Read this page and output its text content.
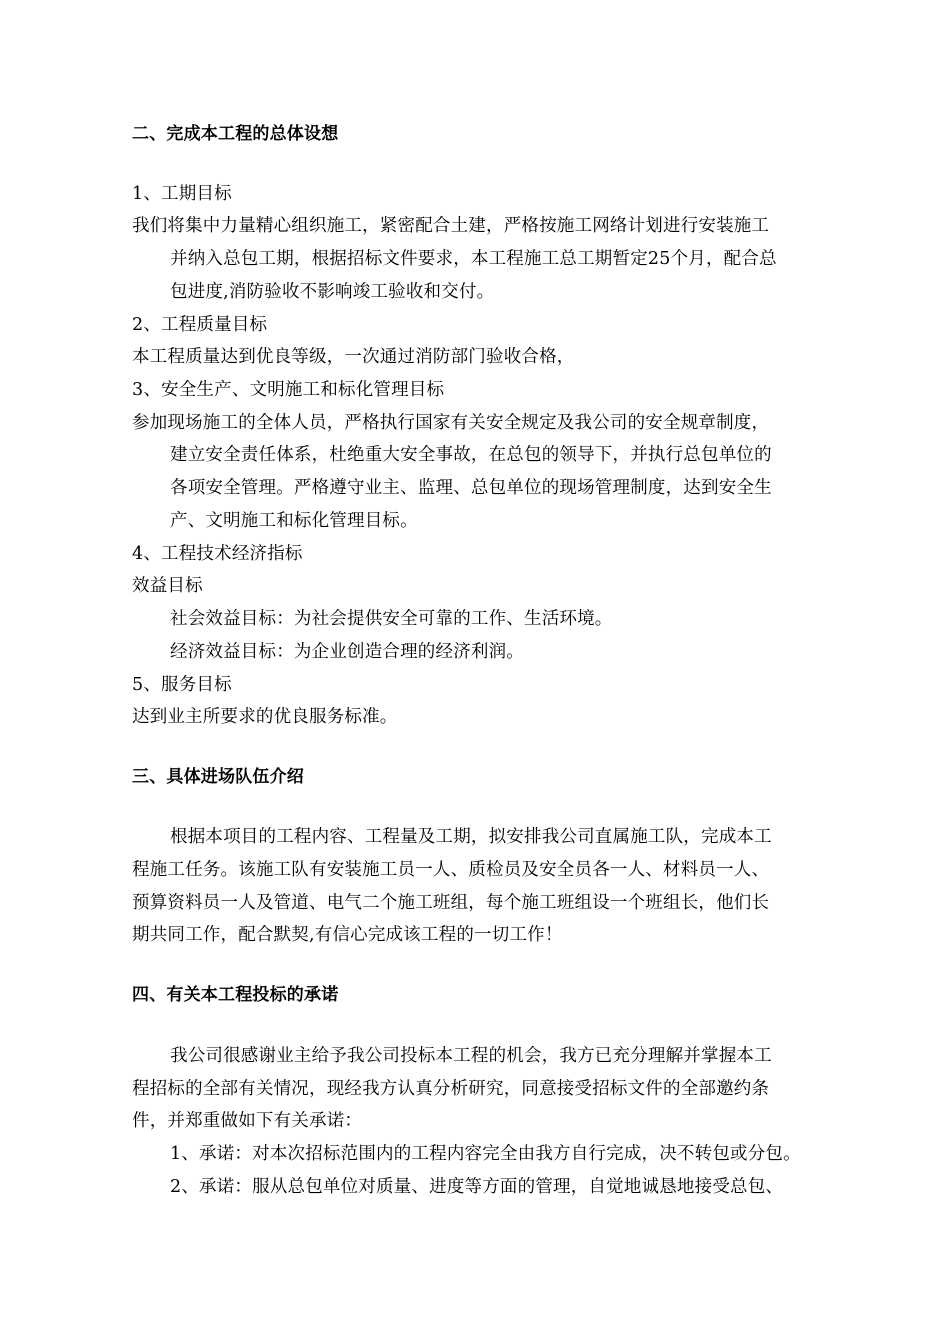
二、完成本工程的总体设想
1、工期目标
我们将集中力量精心组织施工，紧密配合土建，严格按施工网络计划进行安装施工
并纳入总包工期，根据招标文件要求，本工程施工总工期暂定25个月，配合总
包进度,消防验收不影响竣工验收和交付。
2、工程质量目标
本工程质量达到优良等级，一次通过消防部门验收合格，
3、安全生产、文明施工和标化管理目标
参加现场施工的全体人员，严格执行国家有关安全规定及我公司的安全规章制度，
建立安全责任体系，杜绝重大安全事故，在总包的领导下，并执行总包单位的
各项安全管理。严格遵守业主、监理、总包单位的现场管理制度，达到安全生
产、文明施工和标化管理目标。
4、工程技术经济指标
效益目标
社会效益目标：为社会提供安全可靠的工作、生活环境。
经济效益目标：为企业创造合理的经济利润。
5、服务目标
达到业主所要求的优良服务标准。
三、具体进场队伍介绍
根据本项目的工程内容、工程量及工期，拟安排我公司直属施工队，完成本工
程施工任务。该施工队有安装施工员一人、质检员及安全员各一人、材料员一人、
预算资料员一人及管道、电气二个施工班组，每个施工班组设一个班组长，他们长
期共同工作，配合默契,有信心完成该工程的一切工作！
四、有关本工程投标的承诺
我公司很感谢业主给予我公司投标本工程的机会，我方已充分理解并掌握本工
程招标的全部有关情况，现经我方认真分析研究，同意接受招标文件的全部邀约条
件，并郑重做如下有关承诺：
1、承诺：对本次招标范围内的工程内容完全由我方自行完成，决不转包或分包。
2、承诺：服从总包单位对质量、进度等方面的管理，自觉地诚恳地接受总包、
